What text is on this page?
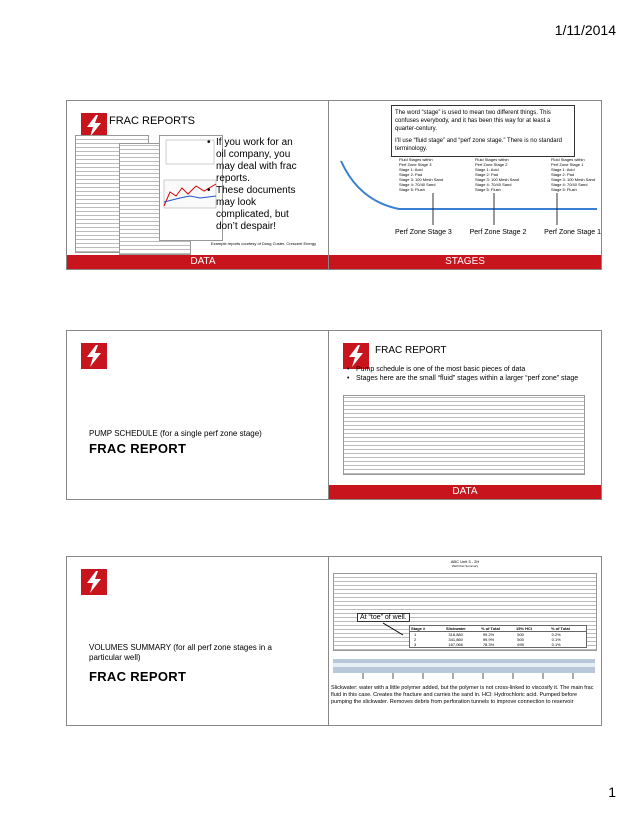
1/11/2014
FRAC REPORTS
• If you work for an oil company, you may deal with frac reports.
• These documents may look complicated, but don’t despair!
Example reports courtesy of Doug Custer, Crescent Energy
DATA
The word “stage” is used to mean two different things. This confuses everybody, and it has been this way for at least a quarter-century.
I’ll use “fluid stage” and “perf zone stage.” There is no standard terminology.
Fluid Stages within
Perf Zone Stage 3
Stage 1: Acid
Stage 2: Pad
Stage 3: 100 Mesh Sand
Stage 4: 70/40 Sand
Stage 5: Flush
Fluid Stages within
Perf Zone Stage 2
Stage 1: Acid
Stage 2: Pad
Stage 3: 100 Mesh Sand
Stage 4: 70/40 Sand
Stage 5: Flush
Fluid Stages within
Perf Zone Stage 1
Stage 1: Acid
Stage 2: Pad
Stage 3: 100 Mesh Sand
Stage 4: 70/40 Sand
Stage 5: Flush
Perf Zone Stage 3	Perf Zone Stage 2	Perf Zone Stage 1
STAGES
PUMP SCHEDULE (for a single perf zone stage)
FRAC REPORT
FRAC REPORT
• Pump schedule is one of the most basic pieces of data
• Stages here are the small “fluid” stages within a larger “perf zone” stage
DATA
VOLUMES SUMMARY (for all perf zone stages in a particular well)
FRAC REPORT
ABC Unit 3 - 2H
Well Frac Summary
At “toe” of well.
Stage #	Slickwater	% of Total	15% HCl	% of Total
1	318,880	99.2%	500	0.2%
2	341,860	99.9%	500	0.1%
3	167,066	78.3%	695	0.1%
Slickwater: water with a little polymer added, but the polymer is not cross-linked to viscosify it. The main frac fluid in this case. Creates the fracture and carries the sand in. HCl: Hydrochloric acid. Pumped before pumping the slickwater. Removes debris from perforation tunnels to improve connection to reservoir
1
